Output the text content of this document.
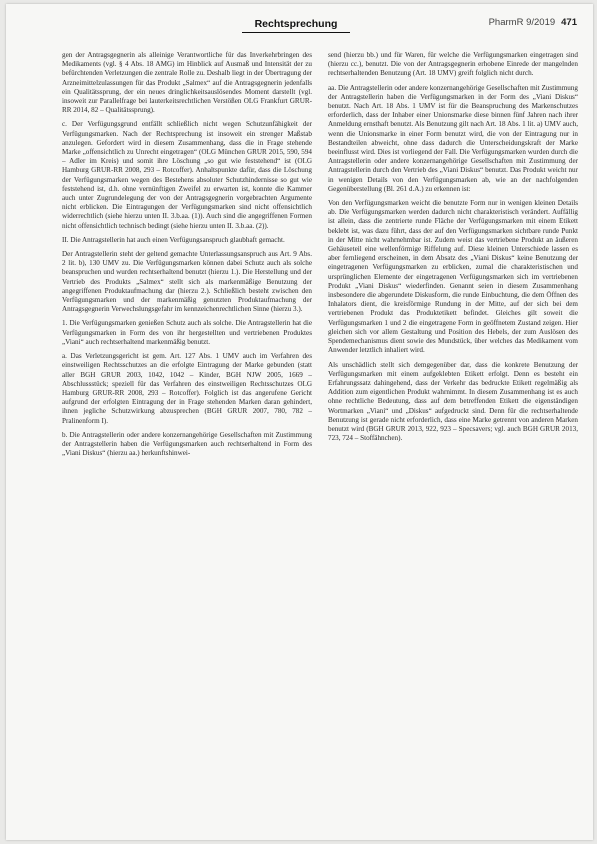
Rechtsprechung	PharmR 9/2019 471

gen der Antragsgegnerin als alleinige Verantwortliche für das Inverkehrbringen des Medikaments (vgl. § 4 Abs. 18 AMG) im Hinblick auf Ausmaß und Intensität der zu befürchtenden Verletzungen die zentrale Rolle zu. Deshalb liegt in der Übertragung der Arzneimittelzulassungen für das Produkt „Salmex“ auf die Antragsgegnerin jedenfalls ein Qualitätssprung, der ein neues dringlichkeitsauslösendes Moment darstellt (vgl. insoweit zur Parallelfrage bei lauterkeitsrechtlichen Verstößen OLG Frankfurt GRUR-RR 2014, 82 – Qualitätssprung).

c. Der Verfügungsgrund entfällt schließlich nicht wegen Schutzunfähigkeit der Verfügungsmarken. Nach der Rechtsprechung ist insoweit ein strenger Maßstab anzulegen. Gefordert wird in diesem Zusammenhang, dass die in Frage stehende Marke „offensichtlich zu Unrecht eingetragen“ (OLG München GRUR 2015, 590, 594 – Adler im Kreis) und somit ihre Löschung „so gut wie feststehend“ ist (OLG Hamburg GRUR-RR 2008, 293 – Rotcoffer). Anhaltspunkte dafür, dass die Löschung der Verfügungsmarken wegen des Bestehens absoluter Schutzhindernisse so gut wie feststehend ist, d.h. ohne vernünftigen Zweifel zu erwarten ist, konnte die Kammer auch unter Zugrundelegung der von der Antragsgegnerin vorgebrachten Argumente nicht erblicken. Die Eintragungen der Verfügungsmarken sind nicht offensichtlich widerrechtlich (siehe hierzu unten II. 3.b.aa. (1)). Auch sind die angegriffenen Formen nicht offensichtlich technisch bedingt (siehe hierzu unten II. 3.b.aa. (2)).

II. Die Antragstellerin hat auch einen Verfügungsanspruch glaubhaft gemacht.

Der Antragstellerin steht der geltend gemachte Unterlassungsanspruch aus Art. 9 Abs. 2 lit. b), 130 UMV zu. Die Verfügungsmarken können dabei Schutz auch als solche beanspruchen und wurden rechtserhaltend benutzt (hierzu 1.). Die Herstellung und der Vertrieb des Produkts „Salmex“ stellt sich als markenmäßige Benutzung der angegriffenen Produktaufmachung dar (hierzu 2.). Schließlich besteht zwischen den Verfügungsmarken und der markenmäßig genutzten Produktaufmachung der Antragsgegnerin Verwechslungsgefahr im kennzeichenrechtlichen Sinne (hierzu 3.).

1. Die Verfügungsmarken genießen Schutz auch als solche. Die Antragstellerin hat die Verfügungsmarken in Form des von ihr hergestellten und vertriebenen Produktes „Viani“ auch rechtserhaltend markenmäßig benutzt.

a. Das Verletzungsgericht ist gem. Art. 127 Abs. 1 UMV auch im Verfahren des einstweiligen Rechtsschutzes an die erfolgte Eintragung der Marke gebunden (statt aller BGH GRUR 2003, 1042, 1042 – Kinder, BGH NJW 2005, 1669 – Abschlussstück; speziell für das Verfahren des einstweiligen Rechtsschutzes OLG Hamburg GRUR-RR 2008, 293 – Rotcoffer). Folglich ist das angerufene Gericht aufgrund der erfolgten Eintragung der in Frage stehenden Marken daran gehindert, ihnen jegliche Schutzwirkung abzusprechen (BGH GRUR 2007, 780, 782 – Pralinenform I).

b. Die Antragstellerin oder andere konzernangehörige Gesellschaften mit Zustimmung der Antragstellerin haben die Verfügungsmarken auch rechtserhaltend in Form des „Viani Diskus“ (hierzu aa.) herkunftshinwei-

send (hierzu bb.) und für Waren, für welche die Verfügungsmarken eingetragen sind (hierzu cc.), benutzt. Die von der Antragsgegnerin erhobene Einrede der mangelnden rechtserhaltenden Benutzung (Art. 18 UMV) greift folglich nicht durch.

aa. Die Antragstellerin oder andere konzernangehörige Gesellschaften mit Zustimmung der Antragstellerin haben die Verfügungsmarken in der Form des „Viani Diskus“ benutzt. Nach Art. 18 Abs. 1 UMV ist für die Beanspruchung des Markenschutzes erforderlich, dass der Inhaber einer Unionsmarke diese binnen fünf Jahren nach ihrer Anmeldung ernsthaft benutzt. Als Benutzung gilt nach Art. 18 Abs. 1 lit. a) UMV auch, wenn die Unionsmarke in einer Form benutzt wird, die von der Eintragung nur in Bestandteilen abweicht, ohne dass dadurch die Unterscheidungskraft der Marke beeinflusst wird. Dies ist vorliegend der Fall. Die Verfügungsmarken wurden durch die Antragstellerin oder andere konzernangehörige Gesellschaften mit Zustimmung der Antragstellerin durch den Vertrieb des „Viani Diskus“ benutzt. Das Produkt weicht nur in wenigen Details von den Verfügungsmarken ab, wie an der nachfolgenden Gegenüberstellung (Bl. 261 d.A.) zu erkennen ist:

Von den Verfügungsmarken weicht die benutzte Form nur in wenigen kleinen Details ab. Die Verfügungsmarken werden dadurch nicht charakteristisch verändert. Auffällig ist allein, dass die zentrierte runde Fläche der Verfügungsmarken mit einem Etikett beklebt ist, was dazu führt, dass der auf den Verfügungsmarken sichtbare runde Punkt in der Mitte nicht wahrnehmbar ist. Zudem weist das vertriebene Produkt an äußeren Gehäuseteil eine wellenförmige Riffelung auf. Diese kleinen Unterschiede lassen es aber fernliegend erscheinen, in dem Absatz des „Viani Diskus“ keine Benutzung der eingetragenen Verfügungsmarken zu erblicken, zumal die charakteristischen und ursprünglichen Elemente der eingetragenen Verfügungsmarken sich im vertriebenen Produkt „Viani Diskus“ wiederfinden. Genannt seien in diesem Zusammenhang insbesondere die abgerundete Diskusform, die runde Einbuchtung, die dem Öffnen des Inhalators dient, die kreisförmige Rundung in der Mitte, auf der sich bei dem vertriebenen Produkt das Produktetikett befindet. Gleiches gilt soweit die Verfügungsmarken 1 und 2 die eingetragene Form in geöffnetem Zustand zeigen. Hier gleichen sich vor allem Gestaltung und Position des Hebels, der zum Auslösen des Spendemechanismus dient sowie des Mundstück, über welches das Medikament vom Anwender letztlich inhaliert wird.

Als unschädlich stellt sich demgegenüber dar, dass die konkrete Benutzung der Verfügungsmarken mit einem aufgeklebten Etikett erfolgt. Denn es besteht ein Erfahrungssatz dahingehend, dass der Verkehr das bedruckte Etikett regelmäßig als Addition zum eigentlichen Produkt wahrnimmt. In diesem Zusammenhang ist es auch ohne rechtliche Bedeutung, dass auf dem betreffenden Etikett die eigenständigen Wortmarken „Viani“ und „Diskus“ aufgedruckt sind. Denn für die rechtserhaltende Benutzung ist gerade nicht erforderlich, dass eine Marke getrennt von anderen Marken benutzt wird (BGH GRUR 2013, 922, 923 – Specsavers; vgl. auch BGH GRUR 2013, 723, 724 – Stoffähnchen).
